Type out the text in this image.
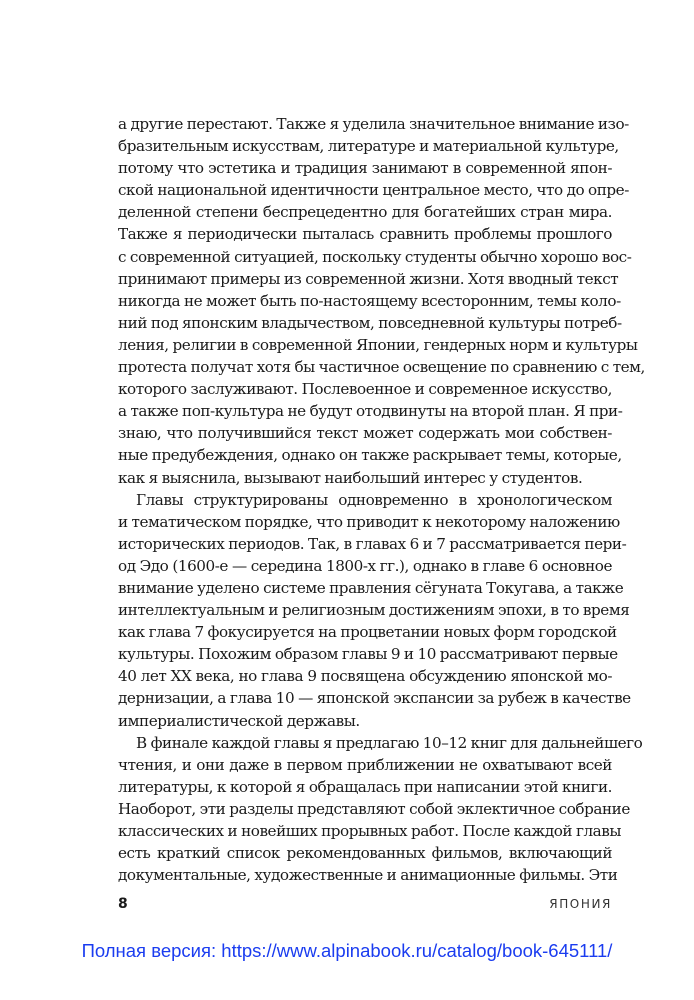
а другие перестают. Также я уделила значительное внимание изо-
бразительным искусствам, литературе и материальной культуре,
потому что эстетика и традиция занимают в современной япон-
ской национальной идентичности центральное место, что до опре-
деленной степени беспрецедентно для богатейших стран мира.
Также я периодически пыталась сравнить проблемы прошлого
с современной ситуацией, поскольку студенты обычно хорошо вос-
принимают примеры из современной жизни. Хотя вводный текст
никогда не может быть по-настоящему всесторонним, темы коло-
ний под японским владычеством, повседневной культуры потреб-
ления, религии в современной Японии, гендерных норм и культуры
протеста получат хотя бы частичное освещение по сравнению с тем,
которого заслуживают. Послевоенное и современное искусство,
а также поп-культура не будут отодвинуты на второй план. Я при-
знаю, что получившийся текст может содержать мои собствен-
ные предубеждения, однако он также раскрывает темы, которые,
как я выяснила, вызывают наибольший интерес у студентов.
Главы структурированы одновременно в хронологическом
и тематическом порядке, что приводит к некоторому наложению
исторических периодов. Так, в главах 6 и 7 рассматривается пери-
од Эдо (1600-е — середина 1800-х гг.), однако в главе 6 основное
внимание уделено системе правления сёгуната Токугава, а также
интеллектуальным и религиозным достижениям эпохи, в то время
как глава 7 фокусируется на процветании новых форм городской
культуры. Похожим образом главы 9 и 10 рассматривают первые
40 лет XX века, но глава 9 посвящена обсуждению японской мо-
дернизации, а глава 10 — японской экспансии за рубеж в качестве
империалистической державы.
В финале каждой главы я предлагаю 10–12 книг для дальнейшего
чтения, и они даже в первом приближении не охватывают всей
литературы, к которой я обращалась при написании этой книги.
Наоборот, эти разделы представляют собой эклектичное собрание
классических и новейших прорывных работ. После каждой главы
есть краткий список рекомендованных фильмов, включающий
документальные, художественные и анимационные фильмы. Эти
8	ЯПОНИЯ
Полная версия: https://www.alpinabook.ru/catalog/book-645111/
